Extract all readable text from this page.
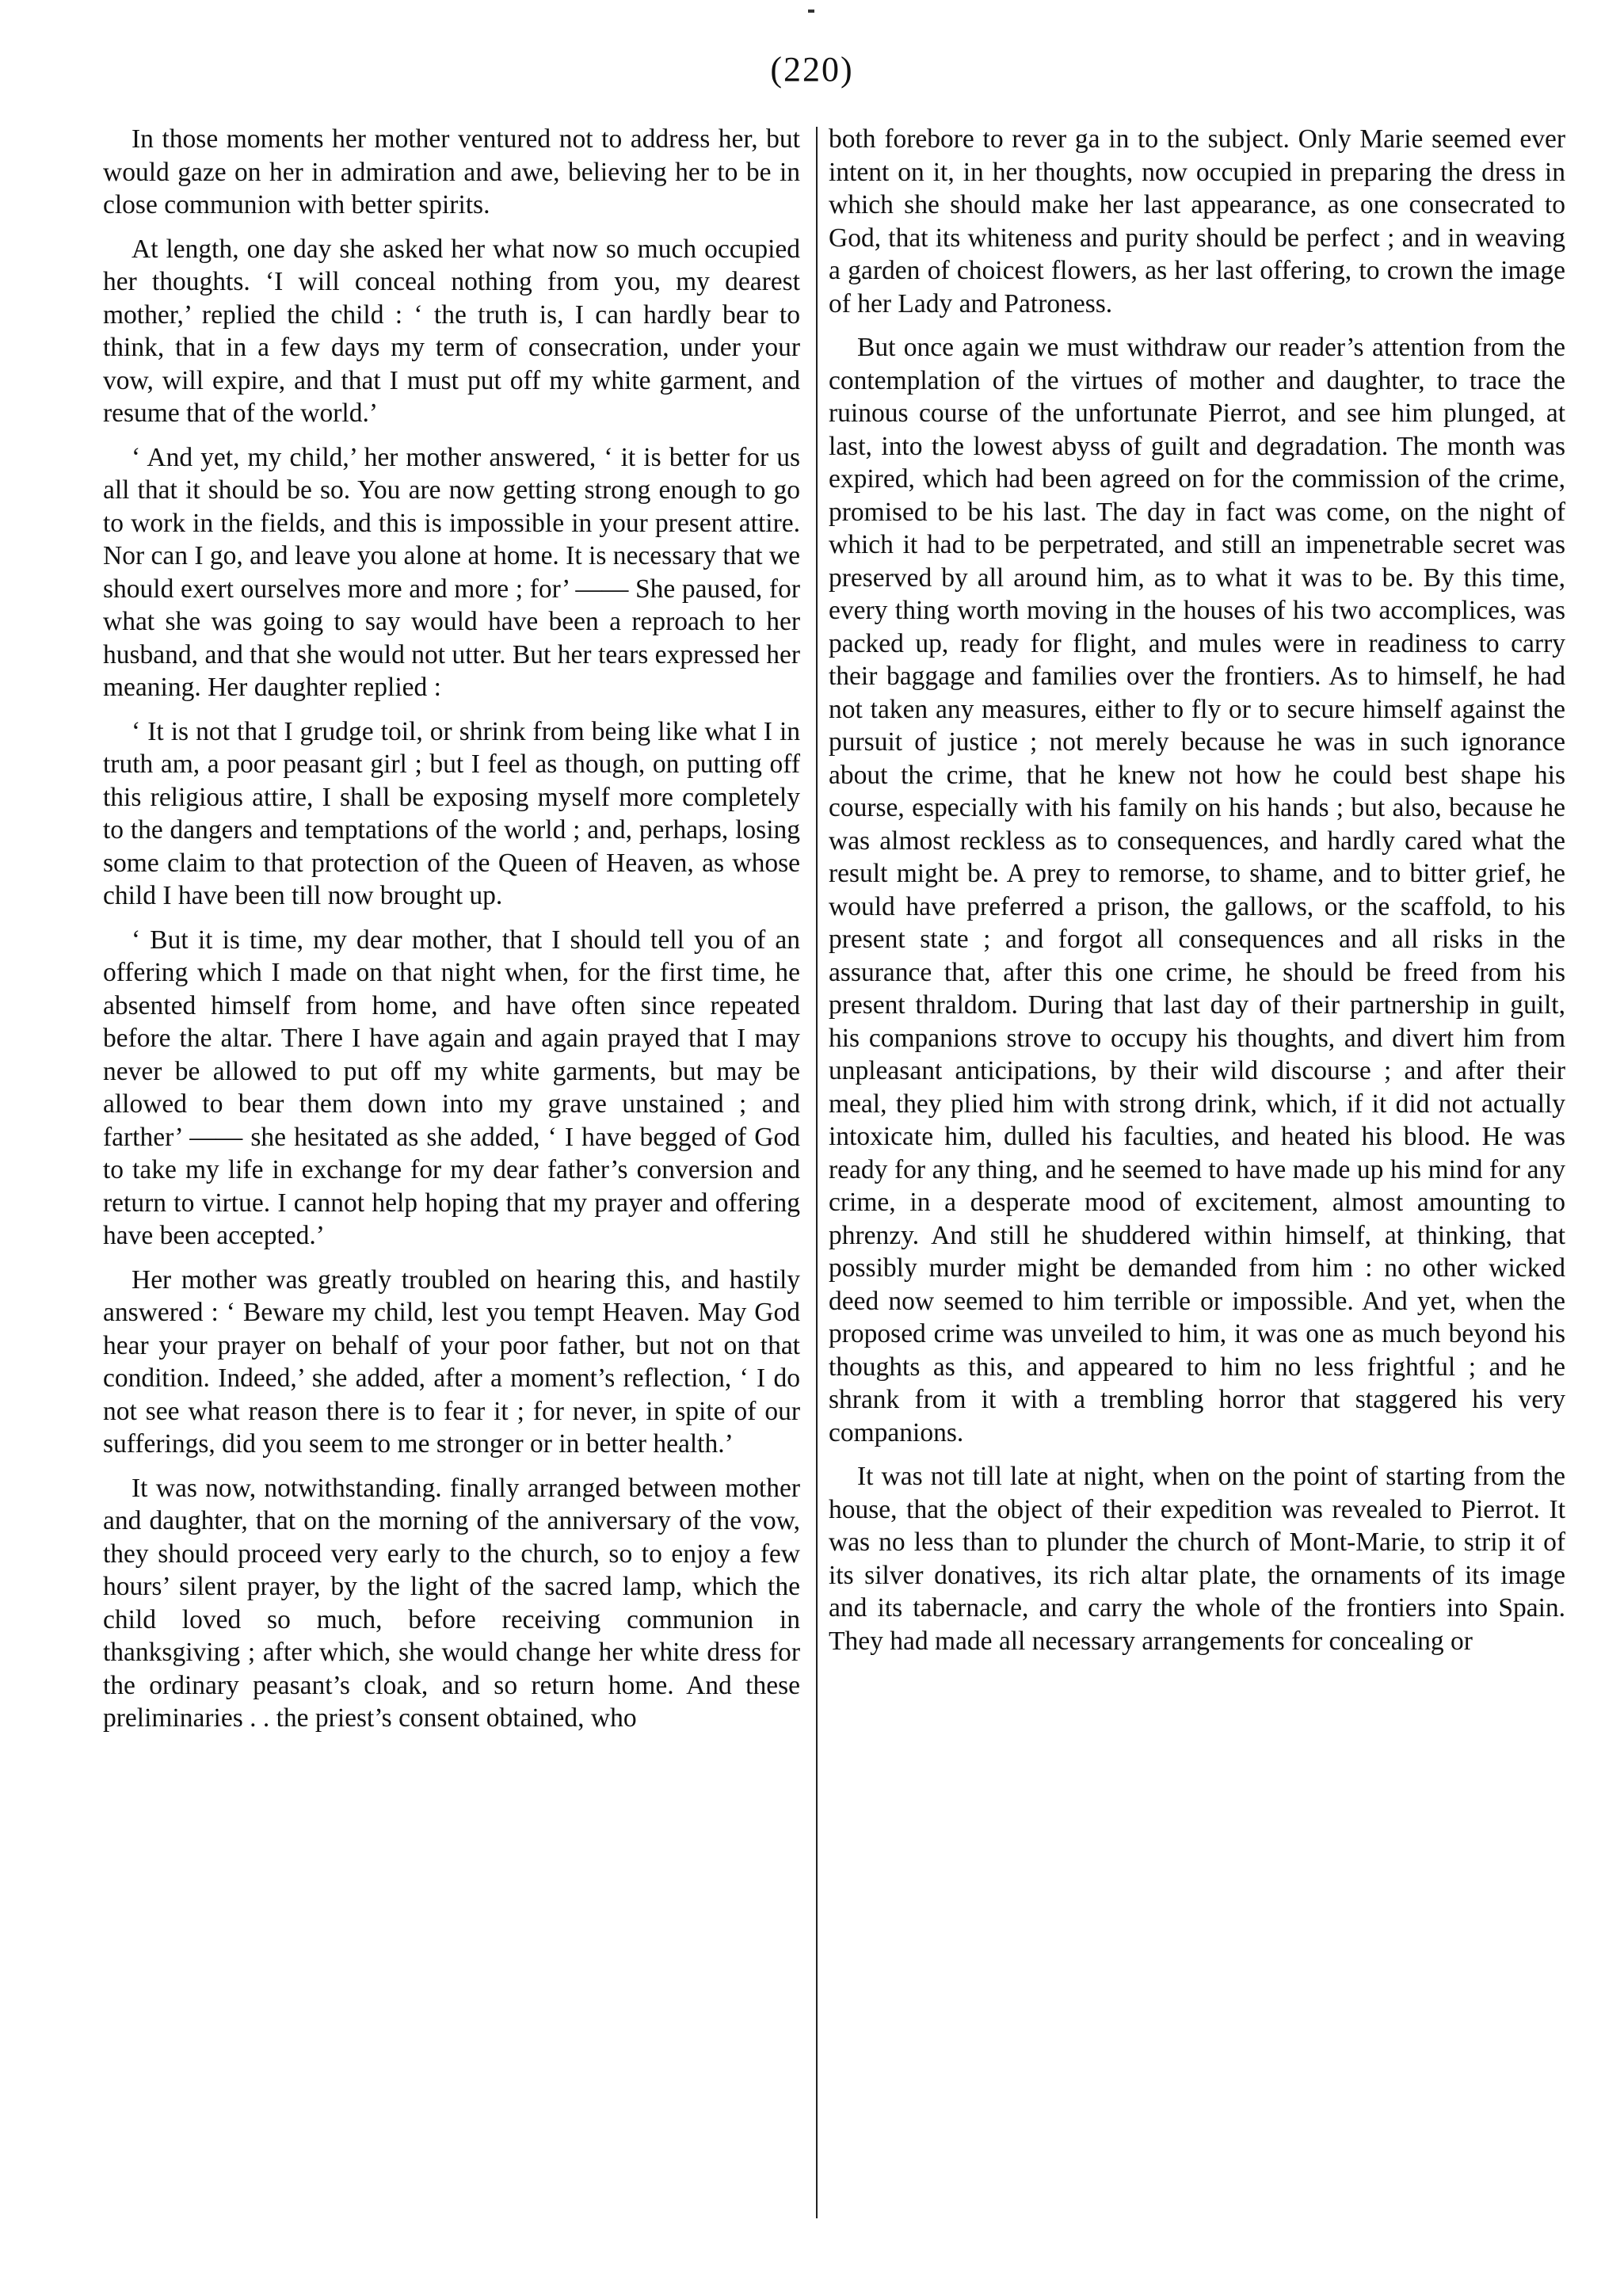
(220)

In those moments her mother ventured not to address her, but would gaze on her in admiration and awe, believing her to be in close communion with better spirits.

At length, one day she asked her what now so much occupied her thoughts. ‘I will conceal nothing from you, my dearest mother,’ replied the child : ‘ the truth is, I can hardly bear to think, that in a few days my term of consecration, under your vow, will expire, and that I must put off my white garment, and resume that of the world.’

‘ And yet, my child,’ her mother answered, ‘ it is better for us all that it should be so. You are now getting strong enough to go to work in the fields, and this is impossible in your present attire. Nor can I go, and leave you alone at home. It is necessary that we should exert ourselves more and more ; for’ —— She paused, for what she was going to say would have been a reproach to her husband, and that she would not utter. But her tears expressed her meaning. Her daughter replied :

‘ It is not that I grudge toil, or shrink from being like what I in truth am, a poor peasant girl ; but I feel as though, on putting off this religious attire, I shall be exposing myself more completely to the dangers and temptations of the world ; and, perhaps, losing some claim to that protection of the Queen of Heaven, as whose child I have been till now brought up.

‘ But it is time, my dear mother, that I should tell you of an offering which I made on that night when, for the first time, he absented himself from home, and have often since repeated before the altar. There I have again and again prayed that I may never be allowed to put off my white garments, but may be allowed to bear them down into my grave unstained ; and farther’ —— she hesitated as she added, ‘ I have begged of God to take my life in exchange for my dear father’s conversion and return to virtue. I cannot help hoping that my prayer and offering have been accepted.’

Her mother was greatly troubled on hearing this, and hastily answered : ‘ Beware my child, lest you tempt Heaven. May God hear your prayer on behalf of your poor father, but not on that condition. Indeed,’ she added, after a moment’s reflection, ‘ I do not see what reason there is to fear it ; for never, in spite of our sufferings, did you seem to me stronger or in better health.’

It was now, notwithstanding. finally arranged between mother and daughter, that on the morning of the anniversary of the vow, they should proceed very early to the church, so to enjoy a few hours’ silent prayer, by the light of the sacred lamp, which the child loved so much, before receiving communion in thanksgiving ; after which, she would change her white dress for the ordinary peasant’s cloak, and so return home. And these preliminaries . . the priest’s consent obtained, who

both forebore to rever ga in to the subject. Only Marie seemed ever intent on it, in her thoughts, now occupied in preparing the dress in which she should make her last appearance, as one consecrated to God, that its whiteness and purity should be perfect ; and in weaving a garden of choicest flowers, as her last offering, to crown the image of her Lady and Patroness.

But once again we must withdraw our reader’s attention from the contemplation of the virtues of mother and daughter, to trace the ruinous course of the unfortunate Pierrot, and see him plunged, at last, into the lowest abyss of guilt and degradation. The month was expired, which had been agreed on for the commission of the crime, promised to be his last. The day in fact was come, on the night of which it had to be perpetrated, and still an impenetrable secret was preserved by all around him, as to what it was to be. By this time, every thing worth moving in the houses of his two accomplices, was packed up, ready for flight, and mules were in readiness to carry their baggage and families over the frontiers. As to himself, he had not taken any measures, either to fly or to secure himself against the pursuit of justice ; not merely because he was in such ignorance about the crime, that he knew not how he could best shape his course, especially with his family on his hands ; but also, because he was almost reckless as to consequences, and hardly cared what the result might be. A prey to remorse, to shame, and to bitter grief, he would have preferred a prison, the gallows, or the scaffold, to his present state ; and forgot all consequences and all risks in the assurance that, after this one crime, he should be freed from his present thraldom. During that last day of their partnership in guilt, his companions strove to occupy his thoughts, and divert him from unpleasant anticipations, by their wild discourse ; and after their meal, they plied him with strong drink, which, if it did not actually intoxicate him, dulled his faculties, and heated his blood. He was ready for any thing, and he seemed to have made up his mind for any crime, in a desperate mood of excitement, almost amounting to phrenzy. And still he shuddered within himself, at thinking, that possibly murder might be demanded from him : no other wicked deed now seemed to him terrible or impossible. And yet, when the proposed crime was unveiled to him, it was one as much beyond his thoughts as this, and appeared to him no less frightful ; and he shrank from it with a trembling horror that staggered his very companions.

It was not till late at night, when on the point of starting from the house, that the object of their expedition was revealed to Pierrot. It was no less than to plunder the church of Mont-Marie, to strip it of its silver donatives, its rich altar plate, the ornaments of its image and its tabernacle, and carry the whole of the frontiers into Spain. They had made all necessary arrangements for concealing or
